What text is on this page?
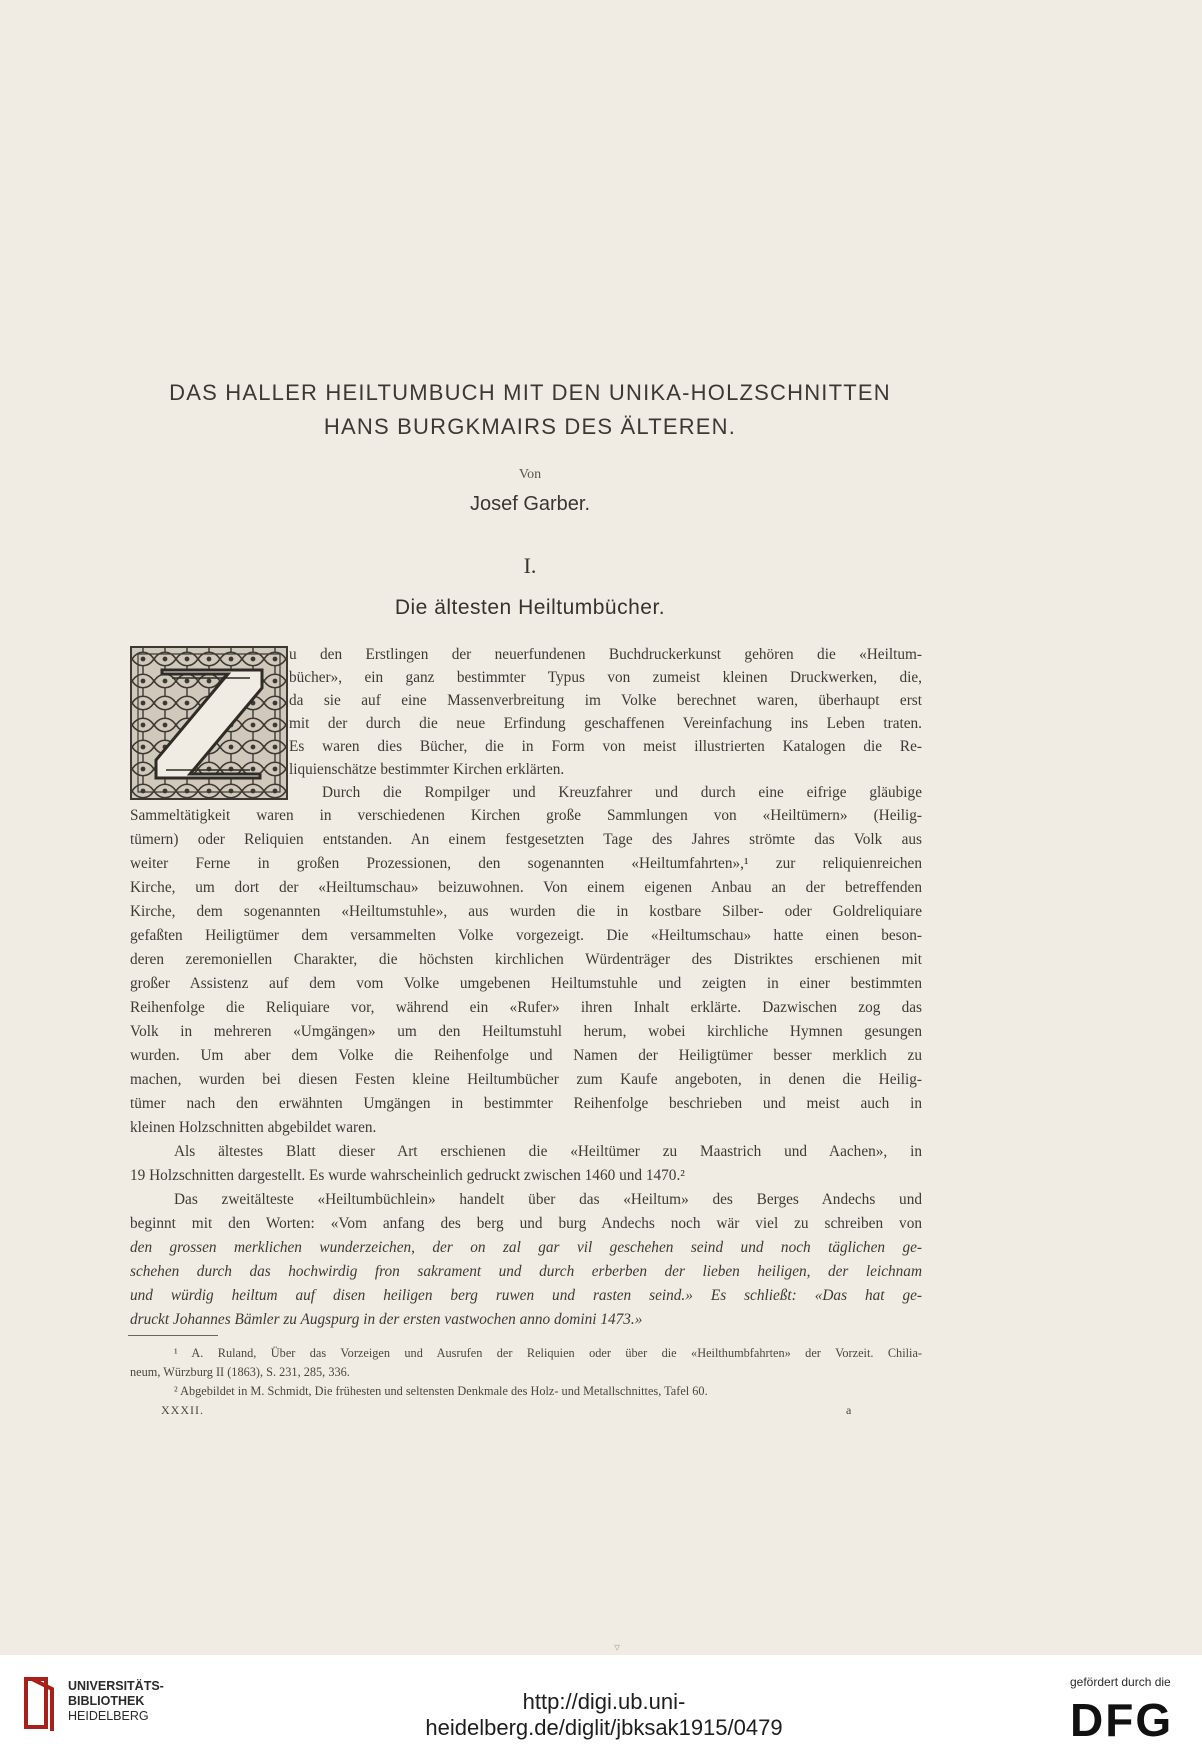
DAS HALLER HEILTUMBUCH MIT DEN UNIKA-HOLZSCHNITTEN
HANS BURGKMAIRS DES ÄLTEREN.
Von
Josef Garber.
I.
Die ältesten Heiltumbücher.
u den Erstlingen der neuerfundenen Buchdruckerkunst gehören die «Heiltum-
bücher», ein ganz bestimmter Typus von zumeist kleinen Druckwerken, die,
da sie auf eine Massenverbreitung im Volke berechnet waren, überhaupt erst
mit der durch die neue Erfindung geschaffenen Vereinfachung ins Leben traten.
Es waren dies Bücher, die in Form von meist illustrierten Katalogen die Re-
liquienschätze bestimmter Kirchen erklärten.
Durch die Rompilger und Kreuzfahrer und durch eine eifrige gläubige
Sammeltätigkeit waren in verschiedenen Kirchen große Sammlungen von «Heiltümern» (Heilig-
tümern) oder Reliquien entstanden. An einem festgesetzten Tage des Jahres strömte das Volk aus
weiter Ferne in großen Prozessionen, den sogenannten «Heiltumfahrten»,¹ zur reliquienreichen
Kirche, um dort der «Heiltumschau» beizuwohnen. Von einem eigenen Anbau an der betreffenden
Kirche, dem sogenannten «Heiltumstuhle», aus wurden die in kostbare Silber- oder Goldreliquiare
gefaßten Heiligtümer dem versammelten Volke vorgezeigt. Die «Heiltumschau» hatte einen beson-
deren zeremoniellen Charakter, die höchsten kirchlichen Würdenträger des Distriktes erschienen mit
großer Assistenz auf dem vom Volke umgebenen Heiltumstuhle und zeigten in einer bestimmten
Reihenfolge die Reliquiare vor, während ein «Rufer» ihren Inhalt erklärte. Dazwischen zog das
Volk in mehreren «Umgängen» um den Heiltumstuhl herum, wobei kirchliche Hymnen gesungen
wurden. Um aber dem Volke die Reihenfolge und Namen der Heiligtümer besser merklich zu
machen, wurden bei diesen Festen kleine Heiltumbücher zum Kaufe angeboten, in denen die Heilig-
tümer nach den erwähnten Umgängen in bestimmter Reihenfolge beschrieben und meist auch in
kleinen Holzschnitten abgebildet waren.
Als ältestes Blatt dieser Art erschienen die «Heiltümer zu Maastrich und Aachen», in
19 Holzschnitten dargestellt. Es wurde wahrscheinlich gedruckt zwischen 1460 und 1470.²
Das zweitälteste «Heiltumbüchlein» handelt über das «Heiltum» des Berges Andechs und
beginnt mit den Worten: «Vom anfang des berg und burg Andechs noch wär viel zu schreiben von
den grossen merklichen wunderzeichen, der on zal gar vil geschehen seind und noch täglichen ge-
schehen durch das hochwirdig fron sakrament und durch erberben der lieben heiligen, der leichnam
und würdig heiltum auf disen heiligen berg ruwen und rasten seind.» Es schließt: «Das hat ge-
druckt Johannes Bämler zu Augspurg in der ersten vastwochen anno domini 1473.»
¹ A. Ruland, Über das Vorzeigen und Ausrufen der Reliquien oder über die «Heilthumbfahrten» der Vorzeit. Chilia-
neum, Würzburg II (1863), S. 231, 285, 336.
² Abgebildet in M. Schmidt, Die frühesten und seltensten Denkmale des Holz- und Metallschnittes, Tafel 60.
XXXII.	a
▿
UNIVERSITÄTS-
BIBLIOTHEK
HEIDELBERG
http://digi.ub.uni-heidelberg.de/diglit/jbksak1915/0479
gefördert durch die
DFG
